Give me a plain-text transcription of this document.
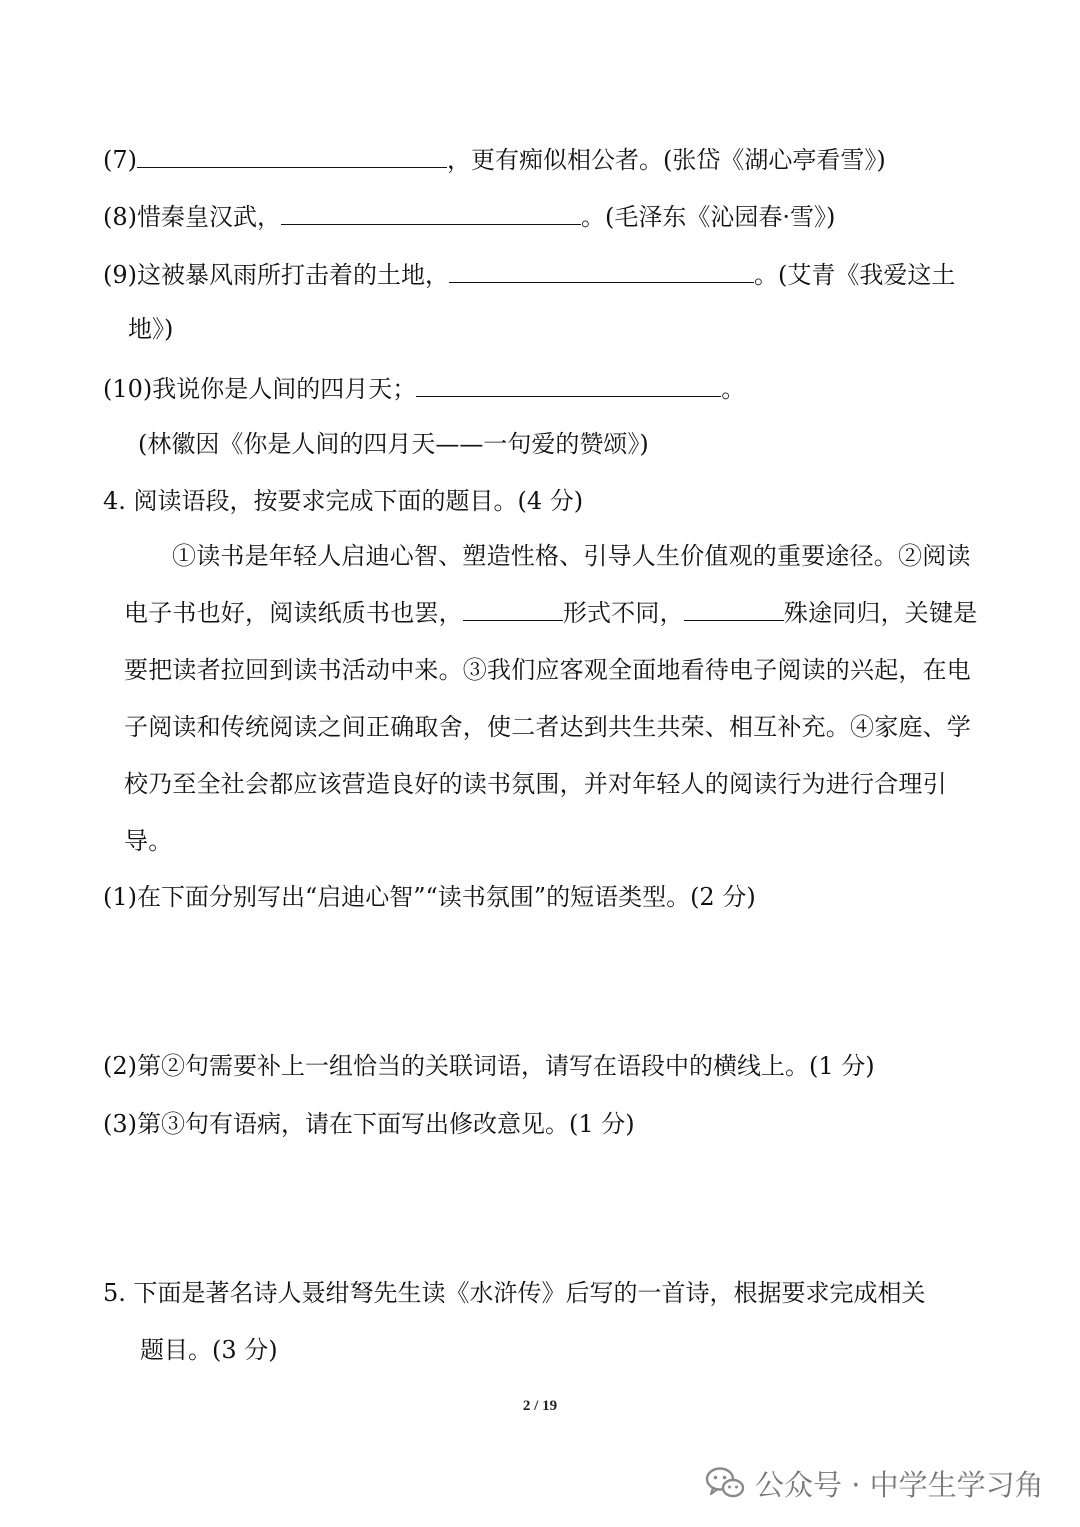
(7)	，更有痴似相公者。(张岱《湖心亭看雪》)
(8)惜秦皇汉武，	。(毛泽东《沁园春·雪》)
(9)这被暴风雨所打击着的土地，	。(艾青《我爱这土
地》)
(10)我说你是人间的四月天；	。
(林徽因《你是人间的四月天——一句爱的赞颂》)
4. 阅读语段，按要求完成下面的题目。(4 分)
①读书是年轻人启迪心智、塑造性格、引导人生价值观的重要途径。②阅读电子书也好，阅读纸质书也罢，	形式不同，	殊途同归，关键是要把读者拉回到读书活动中来。③我们应客观全面地看待电子阅读的兴起，在电子阅读和传统阅读之间正确取舍，使二者达到共生共荣、相互补充。④家庭、学校乃至全社会都应该营造良好的读书氛围，并对年轻人的阅读行为进行合理引导。
(1)在下面分别写出“启迪心智”“读书氛围”的短语类型。(2 分)
(2)第②句需要补上一组恰当的关联词语，请写在语段中的横线上。(1 分)
(3)第③句有语病，请在下面写出修改意见。(1 分)
5. 下面是著名诗人聂绀弩先生读《水浒传》后写的一首诗，根据要求完成相关
题目。(3 分)
2 / 19
公众号 · 中学生学习角
